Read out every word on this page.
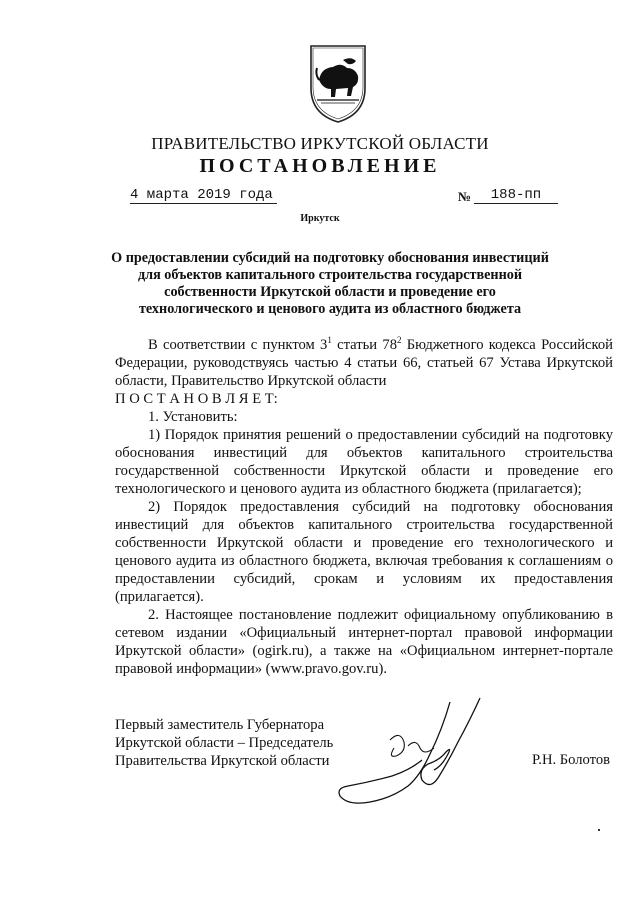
ПРАВИТЕЛЬСТВО ИРКУТСКОЙ ОБЛАСТИ
ПОСТАНОВЛЕНИЕ
4 марта 2019 года	№	188-пп
Иркутск
О предоставлении субсидий на подготовку обоснования инвестиций для объектов капитального строительства государственной собственности Иркутской области и проведение его технологического и ценового аудита из областного бюджета

В соответствии с пунктом $3^1$ статьи $78^2$ Бюджетного кодекса Российской Федерации, руководствуясь частью 4 статьи 66, статьей 67 Устава Иркутской области, Правительство Иркутской области

П О С Т А Н О В Л Я Е Т:

1. Установить:

1) Порядок принятия решений о предоставлении субсидий на подготовку обоснования инвестиций для объектов капитального строительства государственной собственности Иркутской области и проведение его технологического и ценового аудита из областного бюджета (прилагается);

2) Порядок предоставления субсидий на подготовку обоснования инвестиций для объектов капитального строительства государственной собственности Иркутской области и проведение его технологического и ценового аудита из областного бюджета, включая требования к соглашениям о предоставлении субсидий, срокам и условиям их предоставления (прилагается).

2. Настоящее постановление подлежит официальному опубликованию в сетевом издании «Официальный интернет-портал правовой информации Иркутской области» (ogirk.ru), а также на «Официальном интернет-портале правовой информации» (www.pravo.gov.ru).

Первый заместитель Губернатора
Иркутской области – Председатель
Правительства Иркутской области	Р.Н. Болотов
